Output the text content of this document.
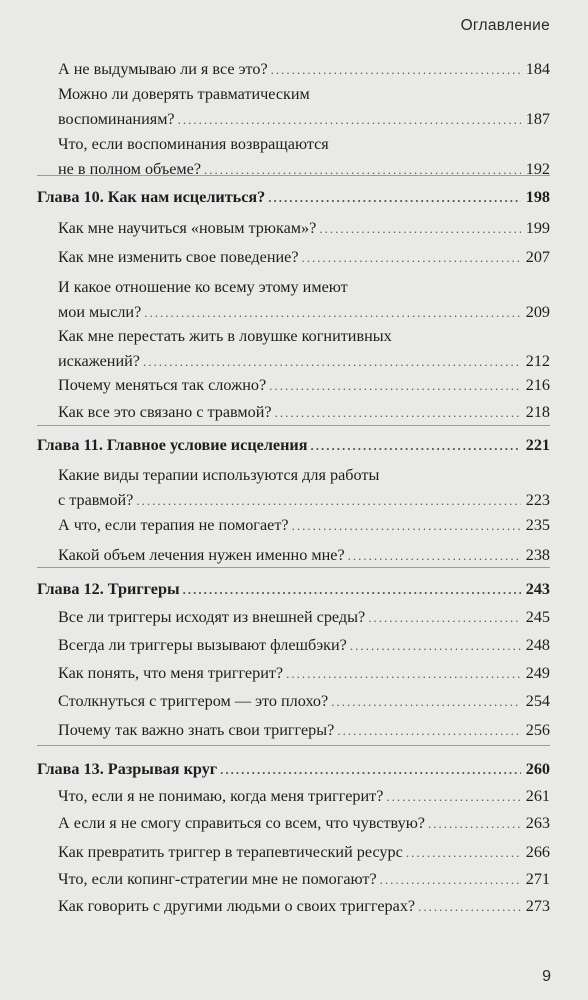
Оглавление
А не выдумываю ли я все это? .....	184
Можно ли доверять травматическим
воспоминаниям? .....	187
Что, если воспоминания возвращаются
не в полном объеме? .....	192
Глава 10. Как нам исцелиться? .....	198
Как мне научиться «новым трюкам»? .....	199
Как мне изменить свое поведение? .....	207
И какое отношение ко всему этому имеют
мои мысли? .....	209
Как мне перестать жить в ловушке когнитивных
искажений? .....	212
Почему меняться так сложно? .....	216
Как все это связано с травмой? .....	218
Глава 11. Главное условие исцеления .....	221
Какие виды терапии используются для работы
с травмой? .....	223
А что, если терапия не помогает? .....	235
Какой объем лечения нужен именно мне? .....	238
Глава 12. Триггеры .....	243
Все ли триггеры исходят из внешней среды? .....	245
Всегда ли триггеры вызывают флешбэки? .....	248
Как понять, что меня триггерит? .....	249
Столкнуться с триггером — это плохо? .....	254
Почему так важно знать свои триггеры? .....	256
Глава 13. Разрывая круг .....	260
Что, если я не понимаю, когда меня триггерит? .....	261
А если я не смогу справиться со всем, что чувствую? .....	263
Как превратить триггер в терапевтический ресурс .....	266
Что, если копинг-стратегии мне не помогают? .....	271
Как говорить с другими людьми о своих триггерах? .....	273
9
